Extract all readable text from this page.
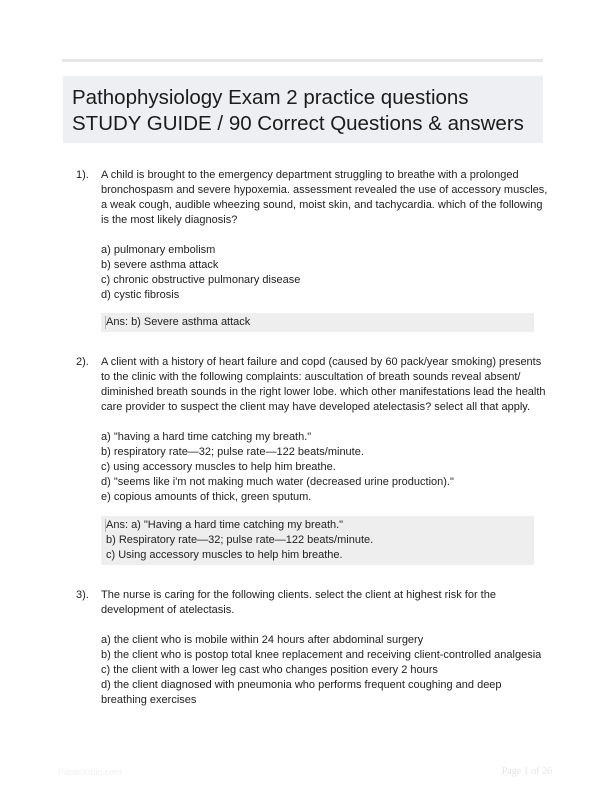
Pathophysiology Exam 2 practice questions
STUDY GUIDE / 90 Correct Questions & answers
1). A child is brought to the emergency department struggling to breathe with a prolonged
bronchospasm and severe hypoxemia. assessment revealed the use of accessory muscles,
a weak cough, audible wheezing sound, moist skin, and tachycardia. which of the following
is the most likely diagnosis?
a) pulmonary embolism
b) severe asthma attack
c) chronic obstructive pulmonary disease
d) cystic fibrosis
Ans: b) Severe asthma attack
2). A client with a history of heart failure and copd (caused by 60 pack/year smoking) presents
to the clinic with the following complaints: auscultation of breath sounds reveal absent/
diminished breath sounds in the right lower lobe. which other manifestations lead the health
care provider to suspect the client may have developed atelectasis? select all that apply.
a) "having a hard time catching my breath."
b) respiratory rate—32; pulse rate—122 beats/minute.
c) using accessory muscles to help him breathe.
d) "seems like i'm not making much water (decreased urine production)."
e) copious amounts of thick, green sputum.
Ans: a) "Having a hard time catching my breath."
b) Respiratory rate—32; pulse rate—122 beats/minute.
c) Using accessory muscles to help him breathe.
3). The nurse is caring for the following clients. select the client at highest risk for the
development of atelectasis.
a) the client who is mobile within 24 hours after abdominal surgery
b) the client who is postop total knee replacement and receiving client-controlled analgesia
c) the client with a lower leg cast who changes position every 2 hours
d) the client diagnosed with pneumonia who performs frequent coughing and deep
breathing exercises
PaperXtbic.com	Page 1 of 26
